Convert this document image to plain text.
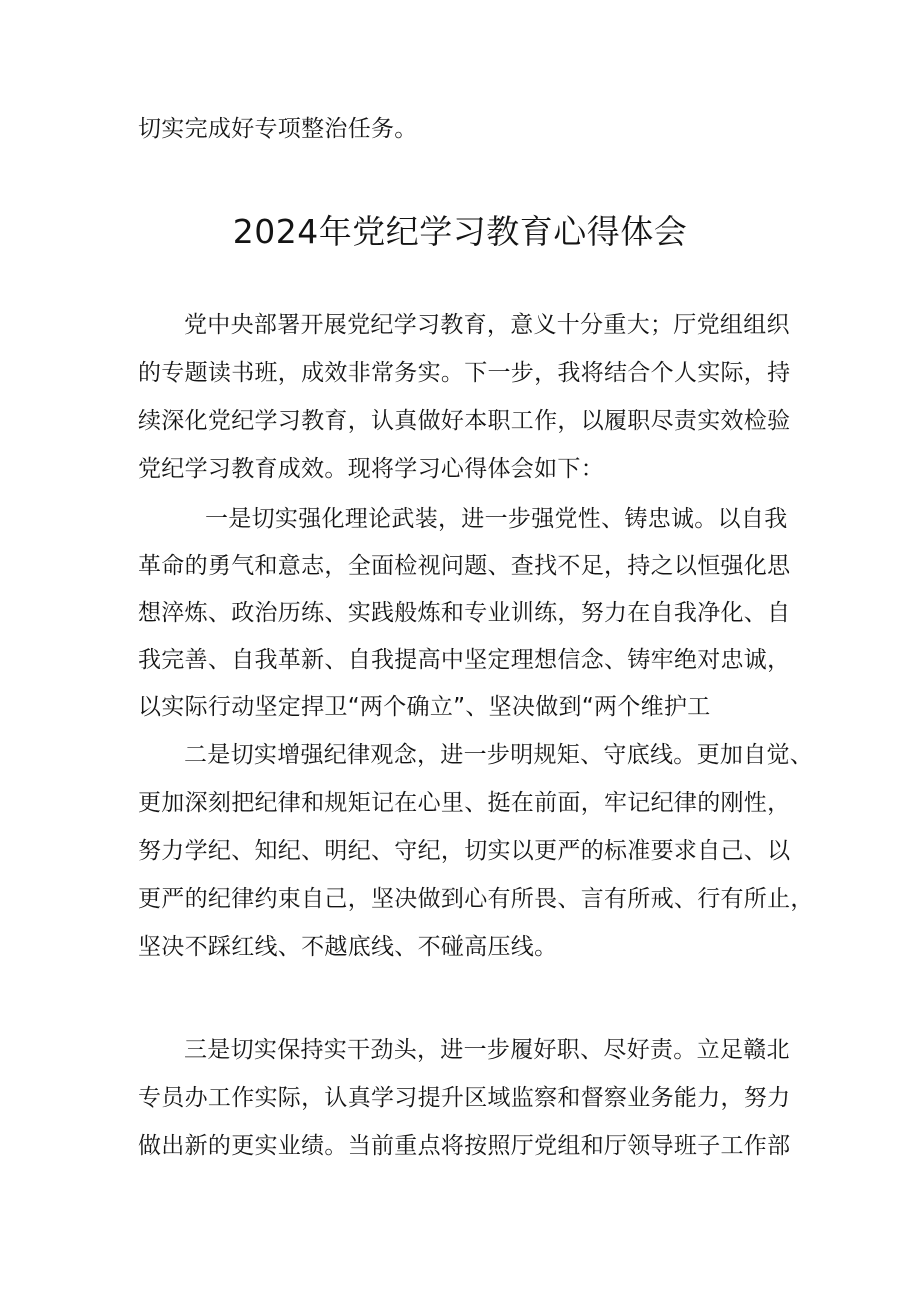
切实完成好专项整治任务。
2024年党纪学习教育心得体会
党中央部署开展党纪学习教育，意义十分重大；厅党组组织
的专题读书班，成效非常务实。下一步，我将结合个人实际，持
续深化党纪学习教育，认真做好本职工作，以履职尽责实效检验
党纪学习教育成效。现将学习心得体会如下：
一是切实强化理论武装，进一步强党性、铸忠诚。以自我
革命的勇气和意志，全面检视问题、查找不足，持之以恒强化思
想淬炼、政治历练、实践般炼和专业训练，努力在自我净化、自
我完善、自我革新、自我提高中坚定理想信念、铸牢绝对忠诚，
以实际行动坚定捍卫“两个确立”、坚决做到“两个维护工
二是切实增强纪律观念，进一步明规矩、守底线。更加自觉、
更加深刻把纪律和规矩记在心里、挺在前面，牢记纪律的刚性，
努力学纪、知纪、明纪、守纪，切实以更严的标准要求自己、以
更严的纪律约束自己，坚决做到心有所畏、言有所戒、行有所止，
坚决不踩红线、不越底线、不碰高压线。
三是切实保持实干劲头，进一步履好职、尽好责。立足赣北
专员办工作实际，认真学习提升区域监察和督察业务能力，努力
做出新的更实业绩。当前重点将按照厅党组和厅领导班子工作部
